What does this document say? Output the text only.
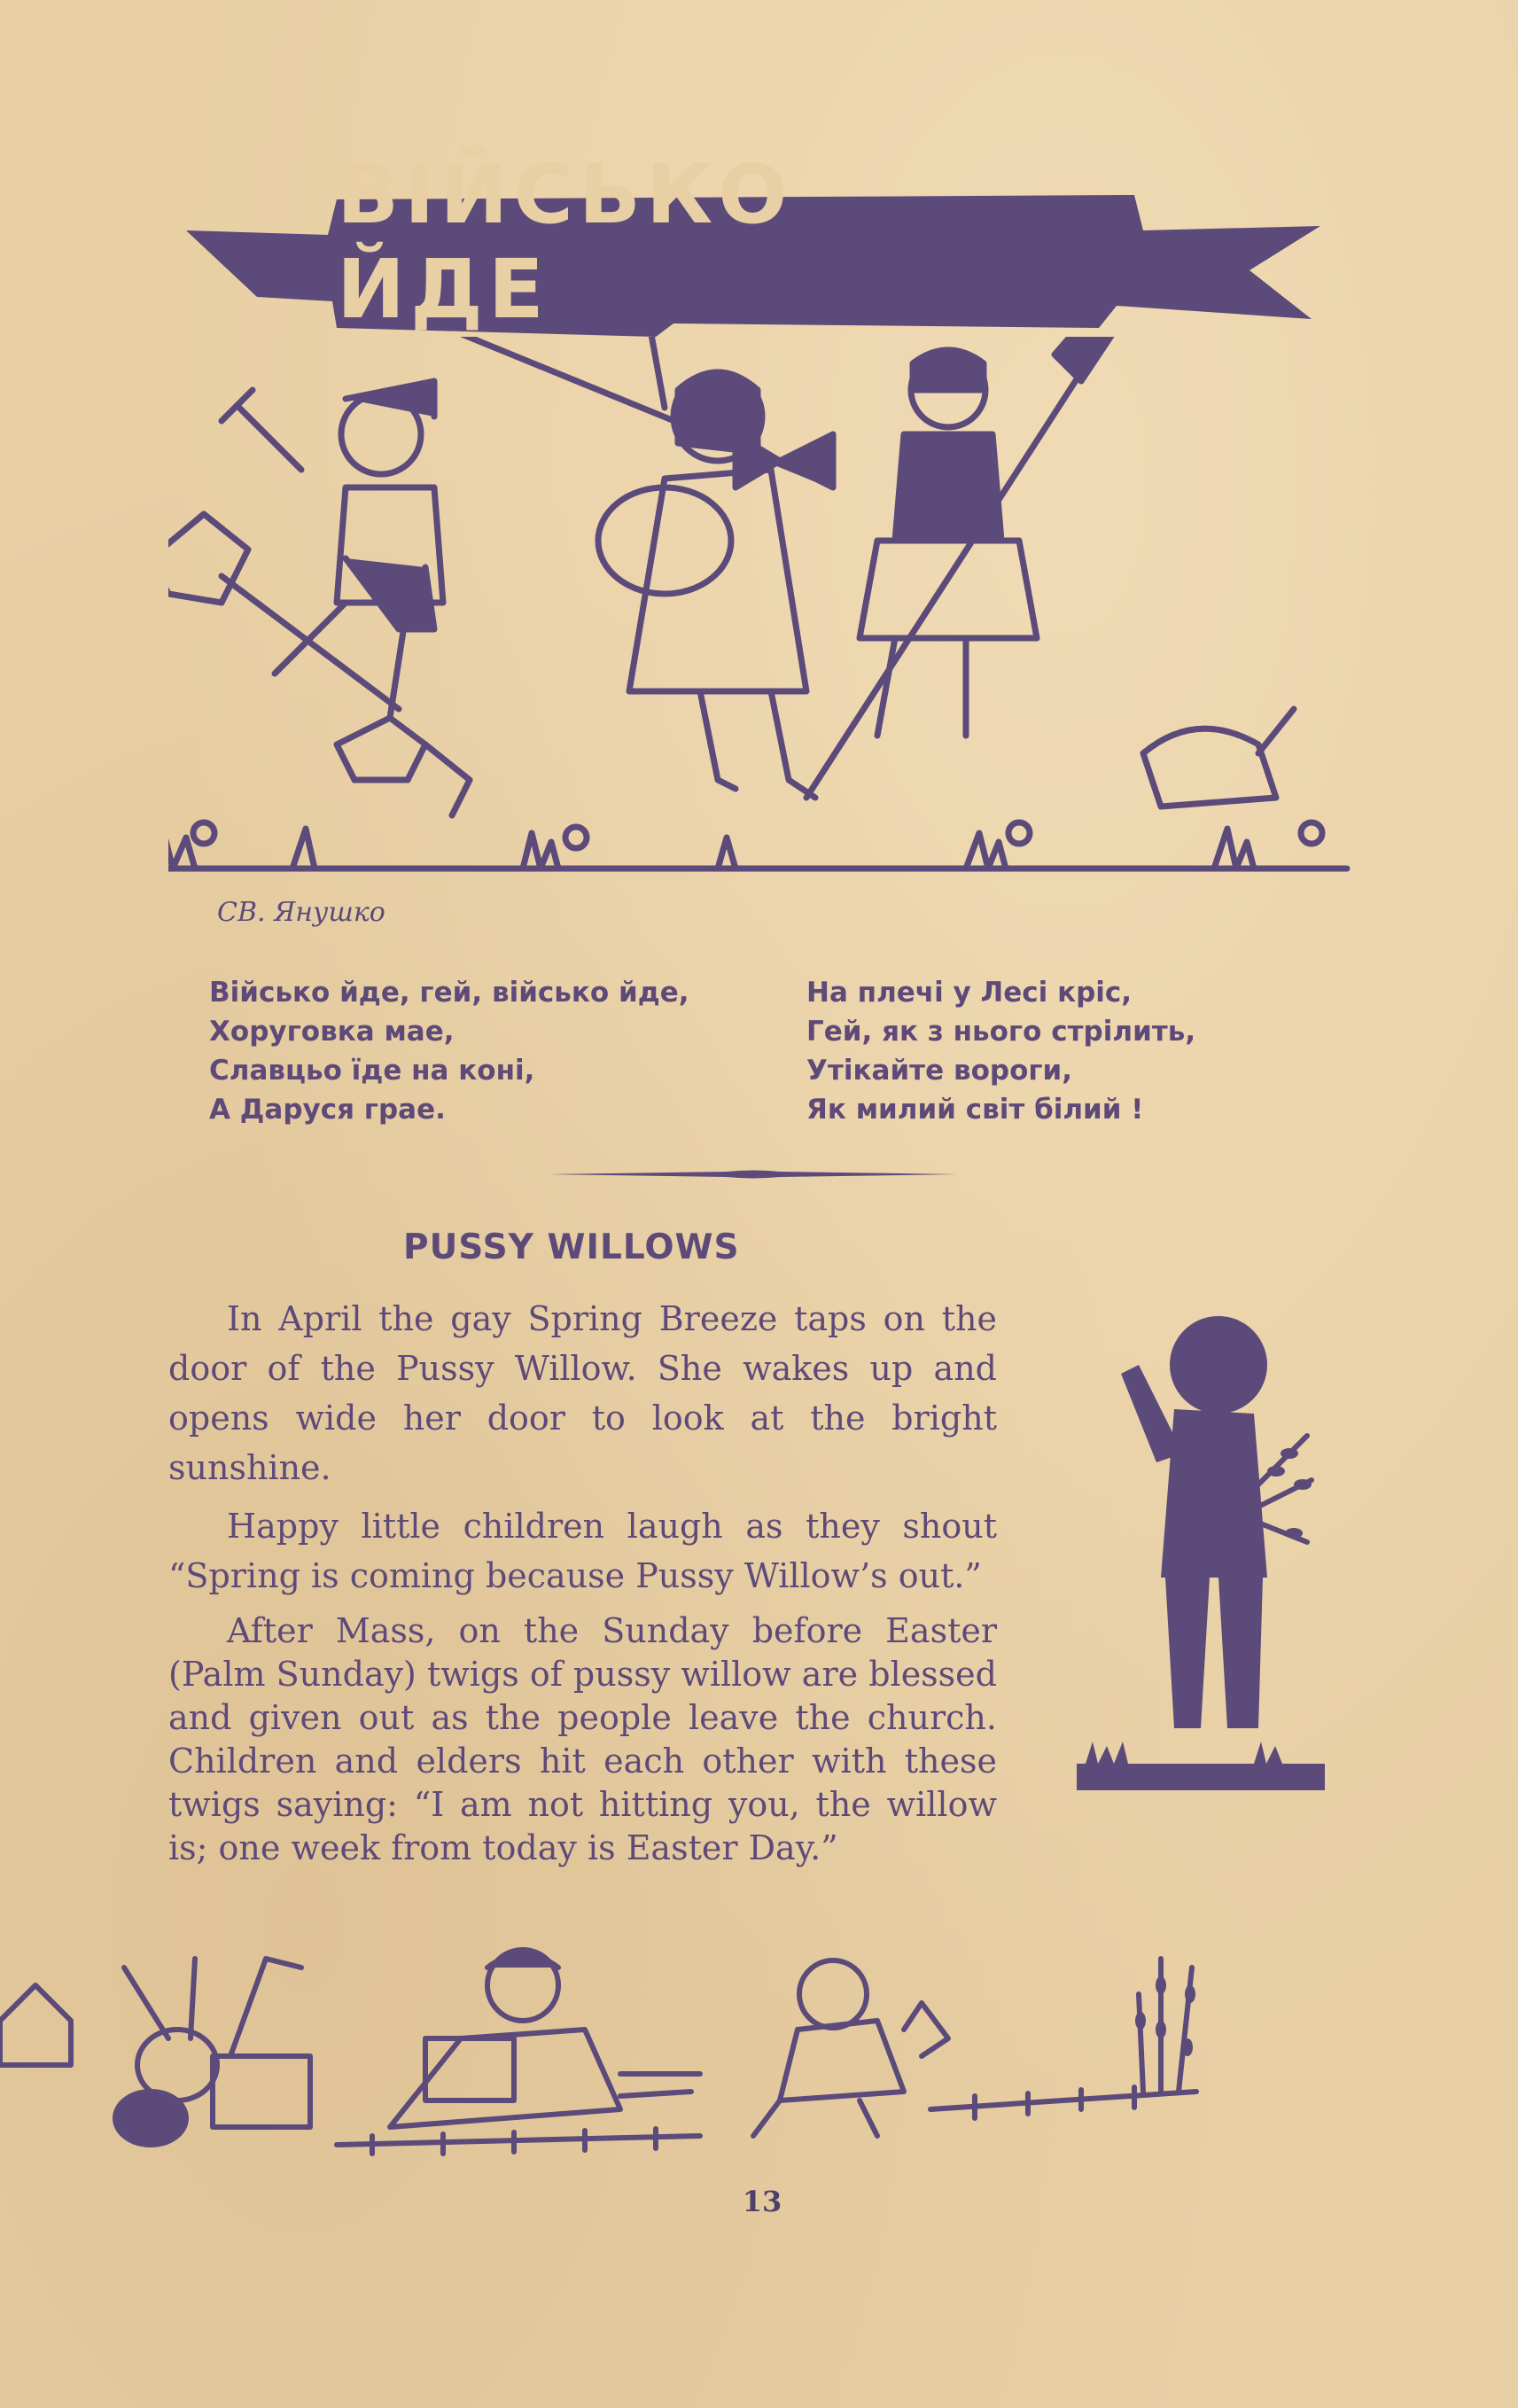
ВІЙСЬКО ЙДЕ
СВ. Янушко
Військо йде, гей, військо йде,
Хоруговка мае,
Славцьо їде на коні,
А Даруся грае.
На плечі у Лесі кріс,
Гей, як з нього стрілить,
Утікайте вороги,
Як милий світ білий !
PUSSY WILLOWS

In April the gay Spring Breeze taps on the door of the Pussy Willow. She wakes up and opens wide her door to look at the bright sunshine.

Happy little children laugh as they shout “Spring is coming because Pussy Willow’s out.”

After Mass, on the Sunday before Easter (Palm Sunday) twigs of pussy willow are blessed and given out as the people leave the church. Children and elders hit each other with these twigs saying: “I am not hitting you, the willow is; one week from today is Easter Day.”

13
